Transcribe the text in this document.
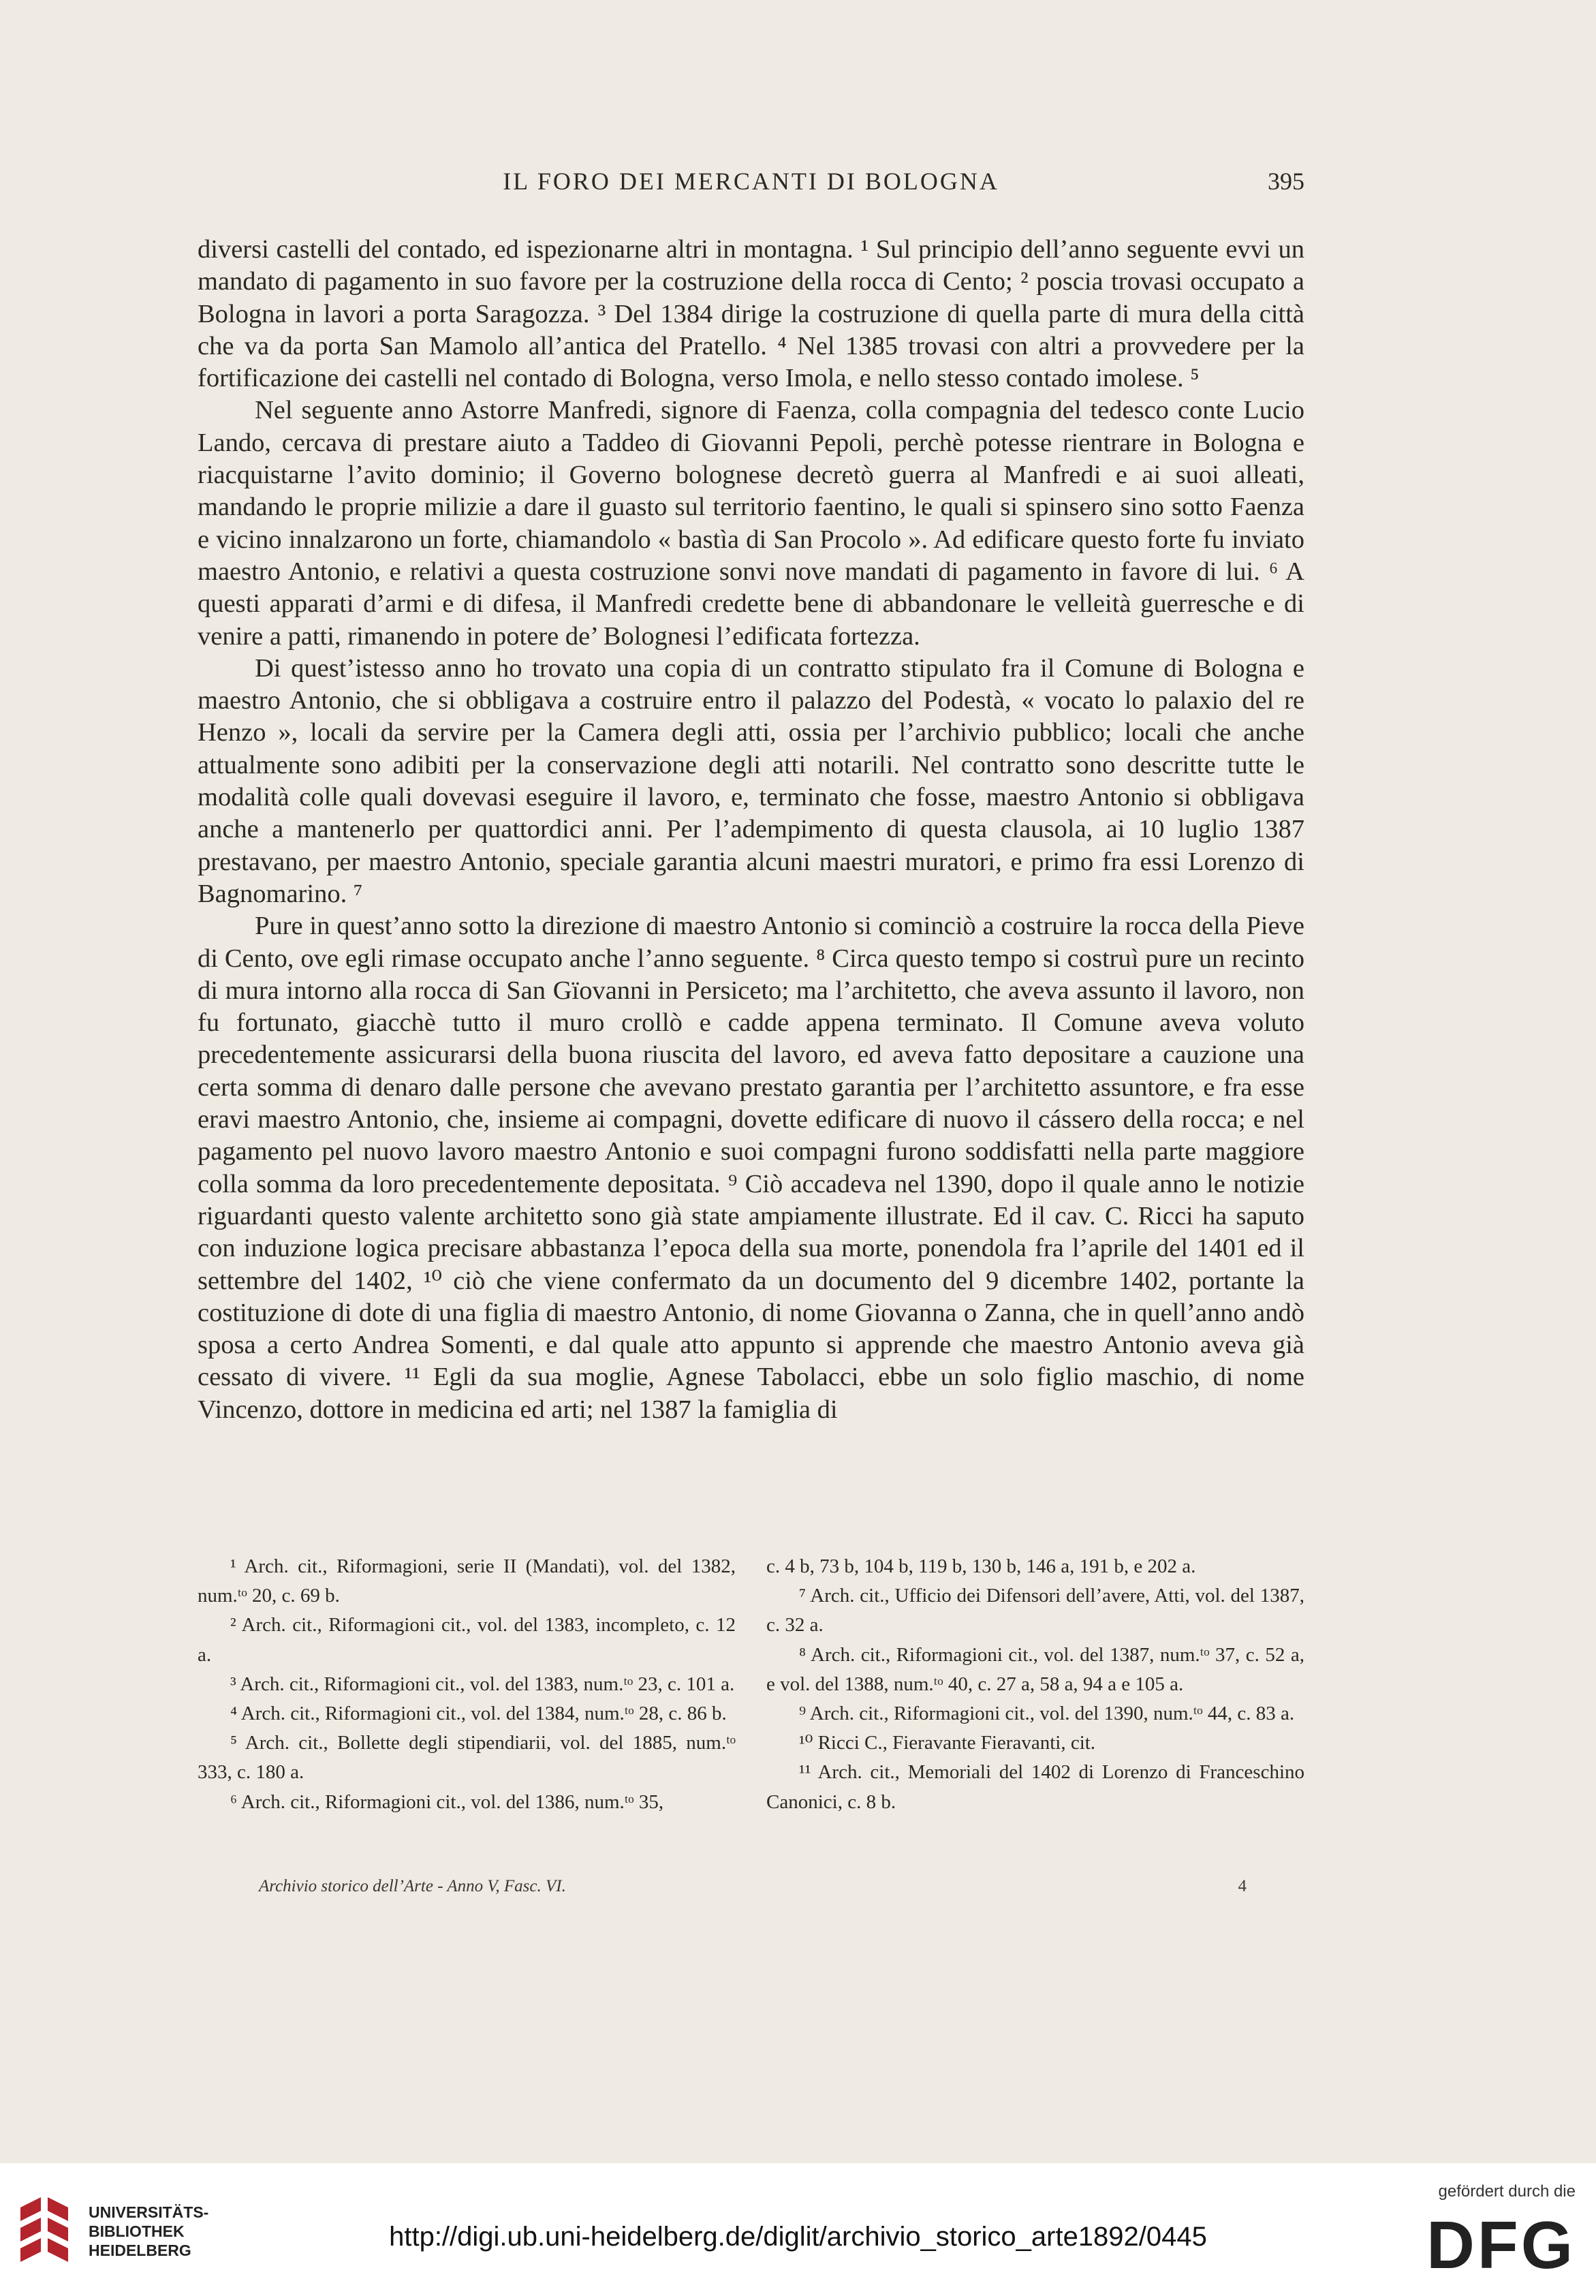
IL FORO DEI MERCANTI DI BOLOGNA	395

diversi castelli del contado, ed ispezionarne altri in montagna. ¹ Sul principio dell’anno seguente evvi un mandato di pagamento in suo favore per la costruzione della rocca di Cento; ² poscia trovasi occupato a Bologna in lavori a porta Saragozza. ³ Del 1384 dirige la costruzione di quella parte di mura della città che va da porta San Mamolo all’antica del Pratello. ⁴ Nel 1385 trovasi con altri a provvedere per la fortificazione dei castelli nel contado di Bologna, verso Imola, e nello stesso contado imolese. ⁵

Nel seguente anno Astorre Manfredi, signore di Faenza, colla compagnia del tedesco conte Lucio Lando, cercava di prestare aiuto a Taddeo di Giovanni Pepoli, perchè potesse rientrare in Bologna e riacquistarne l’avito dominio; il Governo bolognese decretò guerra al Manfredi e ai suoi alleati, mandando le proprie milizie a dare il guasto sul territorio faentino, le quali si spinsero sino sotto Faenza e vicino innalzarono un forte, chiamandolo « bastìa di San Procolo ». Ad edificare questo forte fu inviato maestro Antonio, e relativi a questa costruzione sonvi nove mandati di pagamento in favore di lui. ⁶ A questi apparati d’armi e di difesa, il Manfredi credette bene di abbandonare le velleità guerresche e di venire a patti, rimanendo in potere de’ Bolognesi l’edificata fortezza.

Di quest’istesso anno ho trovato una copia di un contratto stipulato fra il Comune di Bologna e maestro Antonio, che si obbligava a costruire entro il palazzo del Podestà, « vocato lo palaxio del re Henzo », locali da servire per la Camera degli atti, ossia per l’archivio pubblico; locali che anche attualmente sono adibiti per la conservazione degli atti notarili. Nel contratto sono descritte tutte le modalità colle quali dovevasi eseguire il lavoro, e, terminato che fosse, maestro Antonio si obbligava anche a mantenerlo per quattordici anni. Per l’adempimento di questa clausola, ai 10 luglio 1387 prestavano, per maestro Antonio, speciale garantia alcuni maestri muratori, e primo fra essi Lorenzo di Bagnomarino. ⁷

Pure in quest’anno sotto la direzione di maestro Antonio si cominciò a costruire la rocca della Pieve di Cento, ove egli rimase occupato anche l’anno seguente. ⁸ Circa questo tempo si costruì pure un recinto di mura intorno alla rocca di San Gïovanni in Persiceto; ma l’architetto, che aveva assunto il lavoro, non fu fortunato, giacchè tutto il muro crollò e cadde appena terminato. Il Comune aveva voluto precedentemente assicurarsi della buona riuscita del lavoro, ed aveva fatto depositare a cauzione una certa somma di denaro dalle persone che avevano prestato garantia per l’architetto assuntore, e fra esse eravi maestro Antonio, che, insieme ai compagni, dovette edificare di nuovo il cássero della rocca; e nel pagamento pel nuovo lavoro maestro Antonio e suoi compagni furono soddisfatti nella parte maggiore colla somma da loro precedentemente depositata. ⁹ Ciò accadeva nel 1390, dopo il quale anno le notizie riguardanti questo valente architetto sono già state ampiamente illustrate. Ed il cav. C. Ricci ha saputo con induzione logica precisare abbastanza l’epoca della sua morte, ponendola fra l’aprile del 1401 ed il settembre del 1402, ¹⁰ ciò che viene confermato da un documento del 9 dicembre 1402, portante la costituzione di dote di una figlia di maestro Antonio, di nome Giovanna o Zanna, che in quell’anno andò sposa a certo Andrea Somenti, e dal quale atto appunto si apprende che maestro Antonio aveva già cessato di vivere. ¹¹ Egli da sua moglie, Agnese Tabolacci, ebbe un solo figlio maschio, di nome Vincenzo, dottore in medicina ed arti; nel 1387 la famiglia di

¹ Arch. cit., Riformagioni, serie II (Mandati), vol. del 1382, num.ᵗᵒ 20, c. 69 b.

² Arch. cit., Riformagioni cit., vol. del 1383, incompleto, c. 12 a.

³ Arch. cit., Riformagioni cit., vol. del 1383, num.ᵗᵒ 23, c. 101 a.

⁴ Arch. cit., Riformagioni cit., vol. del 1384, num.ᵗᵒ 28, c. 86 b.

⁵ Arch. cit., Bollette degli stipendiarii, vol. del 1885, num.ᵗᵒ 333, c. 180 a.

⁶ Arch. cit., Riformagioni cit., vol. del 1386, num.ᵗᵒ 35,

c. 4 b, 73 b, 104 b, 119 b, 130 b, 146 a, 191 b, e 202 a.

⁷ Arch. cit., Ufficio dei Difensori dell’avere, Atti, vol. del 1387, c. 32 a.

⁸ Arch. cit., Riformagioni cit., vol. del 1387, num.ᵗᵒ 37, c. 52 a, e vol. del 1388, num.ᵗᵒ 40, c. 27 a, 58 a, 94 a e 105 a.

⁹ Arch. cit., Riformagioni cit., vol. del 1390, num.ᵗᵒ 44, c. 83 a.

¹⁰ Ricci C., Fieravante Fieravanti, cit.

¹¹ Arch. cit., Memoriali del 1402 di Lorenzo di Franceschino Canonici, c. 8 b.

Archivio storico dell’Arte - Anno V, Fasc. VI.	4
UNIVERSITÄTS-
BIBLIOTHEK
HEIDELBERG	http://digi.ub.uni-heidelberg.de/diglit/archivio_storico_arte1892/0445
gefördert durch die
DFG
